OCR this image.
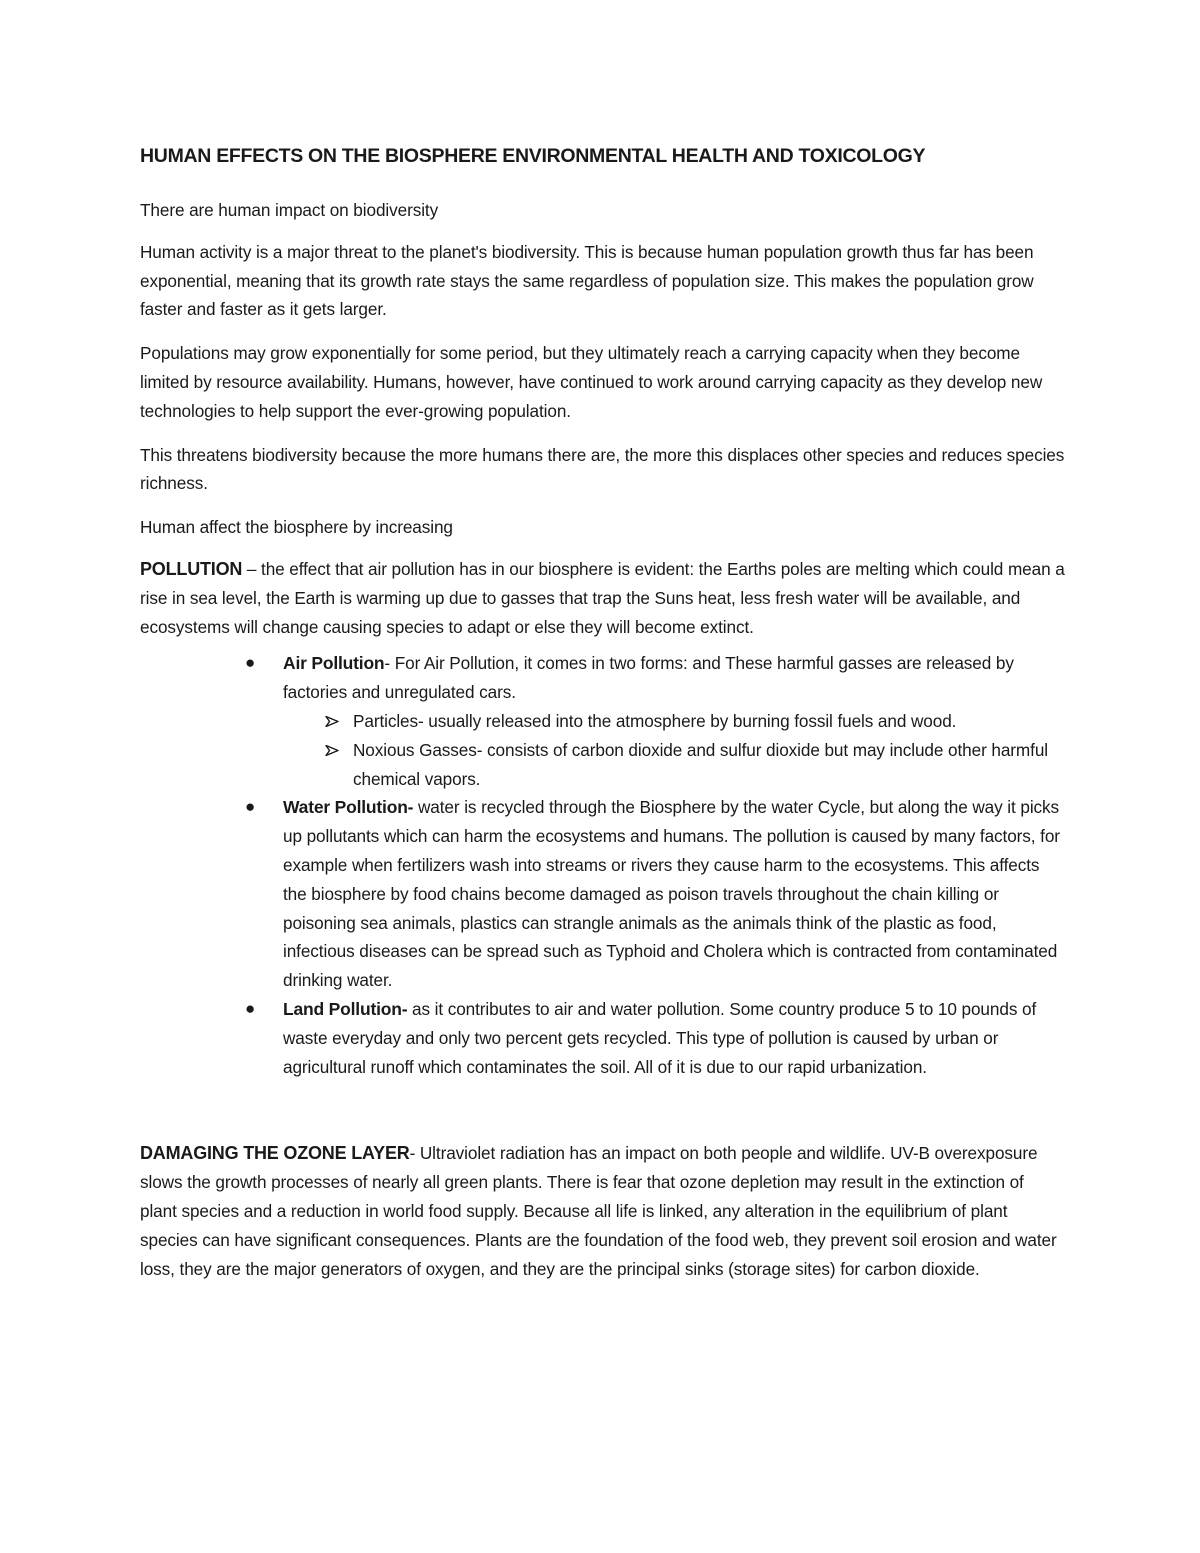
HUMAN EFFECTS ON THE BIOSPHERE ENVIRONMENTAL HEALTH AND TOXICOLOGY

There are human impact on biodiversity

Human activity is a major threat to the planet's biodiversity. This is because human population growth thus far has been exponential, meaning that its growth rate stays the same regardless of population size. This makes the population grow faster and faster as it gets larger.

Populations may grow exponentially for some period, but they ultimately reach a carrying capacity when they become limited by resource availability. Humans, however, have continued to work around carrying capacity as they develop new technologies to help support the ever-growing population.

This threatens biodiversity because the more humans there are, the more this displaces other species and reduces species richness.

Human affect the biosphere by increasing

POLLUTION – the effect that air pollution has in our biosphere is evident: the Earths poles are melting which could mean a rise in sea level, the Earth is warming up due to gasses that trap the Suns heat, less fresh water will be available, and ecosystems will change causing species to adapt or else they will become extinct.

● Air Pollution- For Air Pollution, it comes in two forms: and These harmful gasses are released by factories and unregulated cars.
Particles- usually released into the atmosphere by burning fossil fuels and wood.
Noxious Gasses- consists of carbon dioxide and sulfur dioxide but may include other harmful chemical vapors.
● Water Pollution- water is recycled through the Biosphere by the water Cycle, but along the way it picks up pollutants which can harm the ecosystems and humans. The pollution is caused by many factors, for example when fertilizers wash into streams or rivers they cause harm to the ecosystems. This affects the biosphere by food chains become damaged as poison travels throughout the chain killing or poisoning sea animals, plastics can strangle animals as the animals think of the plastic as food, infectious diseases can be spread such as Typhoid and Cholera which is contracted from contaminated drinking water.
● Land Pollution- as it contributes to air and water pollution. Some country produce 5 to 10 pounds of waste everyday and only two percent gets recycled. This type of pollution is caused by urban or agricultural runoff which contaminates the soil. All of it is due to our rapid urbanization.

DAMAGING THE OZONE LAYER- Ultraviolet radiation has an impact on both people and wildlife. UV-B overexposure slows the growth processes of nearly all green plants. There is fear that ozone depletion may result in the extinction of plant species and a reduction in world food supply. Because all life is linked, any alteration in the equilibrium of plant species can have significant consequences. Plants are the foundation of the food web, they prevent soil erosion and water loss, they are the major generators of oxygen, and they are the principal sinks (storage sites) for carbon dioxide.
